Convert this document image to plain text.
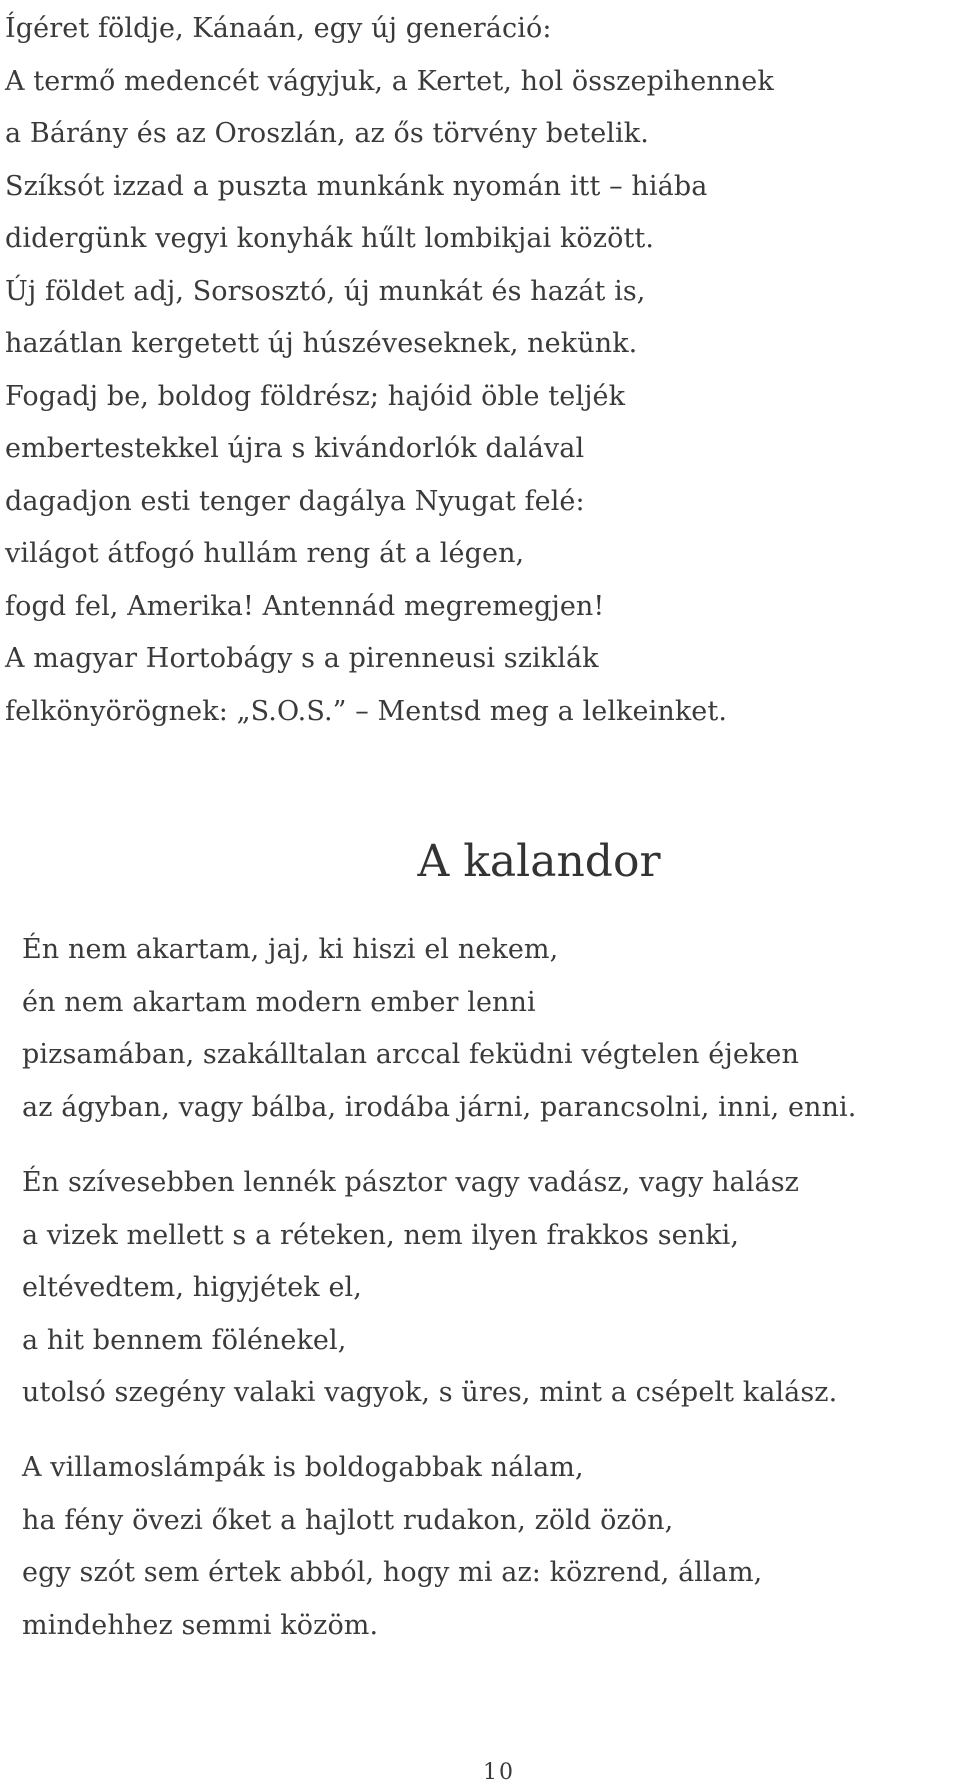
Ígéret földje, Kánaán, egy új generáció:
A termő medencét vágyjuk, a Kertet, hol összepihennek
a Bárány és az Oroszlán, az ős törvény betelik.
Szíksót izzad a puszta munkánk nyomán itt – hiába
didergünk vegyi konyhák hűlt lombikjai között.
Új földet adj, Sorsosztó, új munkát és hazát is,
hazátlan kergetett új húszéveseknek, nekünk.
Fogadj be, boldog földrész; hajóid öble teljék
embertestekkel újra s kivándorlók dalával
dagadjon esti tenger dagálya Nyugat felé:
világot átfogó hullám reng át a légen,
fogd fel, Amerika! Antennád megremegjen!
A magyar Hortobágy s a pirenneusi sziklák
felkönyörögnek: „S.O.S.” – Mentsd meg a lelkeinket.
A kalandor
Én nem akartam, jaj, ki hiszi el nekem,
én nem akartam modern ember lenni
pizsamában, szakálltalan arccal feküdni végtelen éjeken
az ágyban, vagy bálba, irodába járni, parancsolni, inni, enni.
Én szívesebben lennék pásztor vagy vadász, vagy halász
a vizek mellett s a réteken, nem ilyen frakkos senki,
eltévedtem, higyjétek el,
a hit bennem fölénekel,
utolsó szegény valaki vagyok, s üres, mint a csépelt kalász.
A villamoslámpák is boldogabbak nálam,
ha fény övezi őket a hajlott rudakon, zöld özön,
egy szót sem értek abból, hogy mi az: közrend, állam,
mindehhez semmi közöm.
10
